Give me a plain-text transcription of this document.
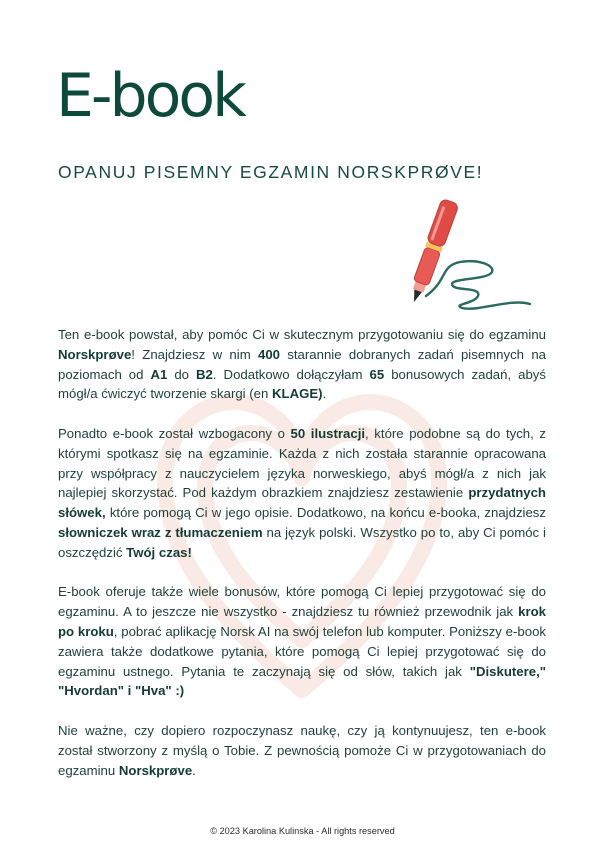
E-book
OPANUJ PISEMNY EGZAMIN NORSKPRØVE!

Ten e-book powstał, aby pomóc Ci w skutecznym przygotowaniu się do egzaminu Norskprøve! Znajdziesz w nim 400 starannie dobranych zadań pisemnych na poziomach od A1 do B2. Dodatkowo dołączyłam 65 bonusowych zadań, abyś mógł/a ćwiczyć tworzenie skargi (en KLAGE).

Ponadto e-book został wzbogacony o 50 ilustracji, które podobne są do tych, z którymi spotkasz się na egzaminie. Każda z nich została starannie opracowana przy współpracy z nauczycielem języka norweskiego, abyś mógł/a z nich jak najlepiej skorzystać. Pod każdym obrazkiem znajdziesz zestawienie przydatnych słówek, które pomogą Ci w jego opisie. Dodatkowo, na końcu e-booka, znajdziesz słowniczek wraz z tłumaczeniem na język polski. Wszystko po to, aby Ci pomóc i oszczędzić Twój czas!

E-book oferuje także wiele bonusów, które pomogą Ci lepiej przygotować się do egzaminu. A to jeszcze nie wszystko - znajdziesz tu również przewodnik jak krok po kroku, pobrać aplikację Norsk AI na swój telefon lub komputer. Poniższy e-book zawiera także dodatkowe pytania, które pomogą Ci lepiej przygotować się do egzaminu ustnego. Pytania te zaczynają się od słów, takich jak "Diskutere," "Hvordan" i "Hva" :)

Nie ważne, czy dopiero rozpoczynasz naukę, czy ją kontynuujesz, ten e-book został stworzony z myślą o Tobie. Z pewnością pomoże Ci w przygotowaniach do egzaminu Norskprøve.

© 2023 Karolina Kulinska - All rights reserved
